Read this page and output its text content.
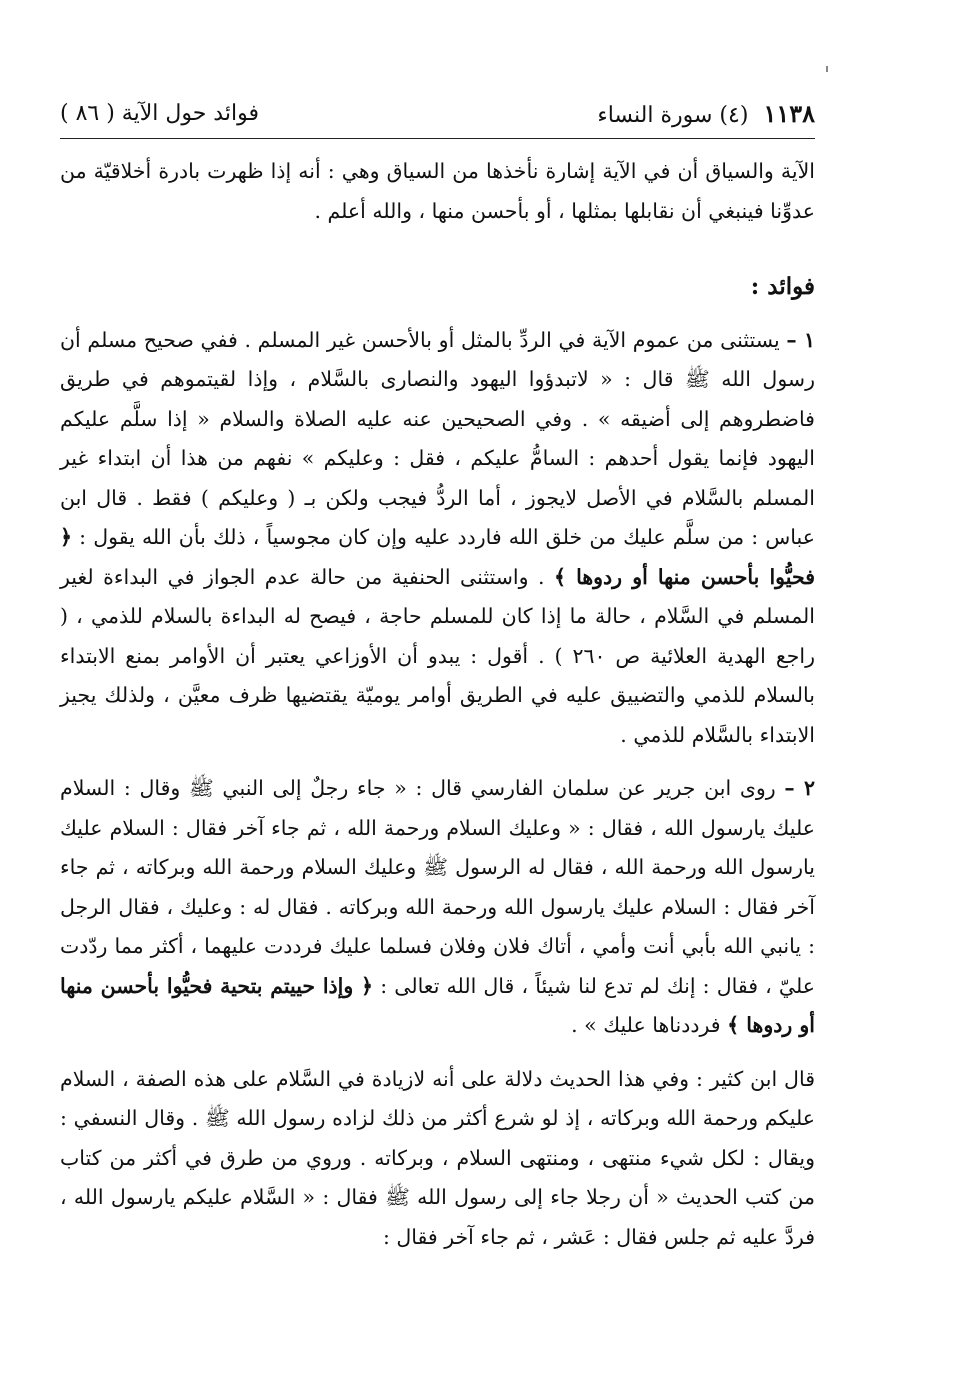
١١٣٨ (٤) سورة النساء
فوائد حول الآية ( ٨٦ )

الآية والسياق أن في الآية إشارة نأخذها من السياق وهي : أنه إذا ظهرت بادرة أخلاقيّة من عدوِّنا فينبغي أن نقابلها بمثلها ، أو بأحسن منها ، والله أعلم .

فوائد :

١ – يستثنى من عموم الآية في الردِّ بالمثل أو بالأحسن غير المسلم . ففي صحيح مسلم أن رسول الله ﷺ قال : « لاتبدؤوا اليهود والنصارى بالسَّلام ، وإذا لقيتموهم في طريق فاضطروهم إلى أضيقه » . وفي الصحيحين عنه عليه الصلاة والسلام « إذا سلَّم عليكم اليهود فإنما يقول أحدهم : السامُّ عليكم ، فقل : وعليكم » نفهم من هذا أن ابتداء غير المسلم بالسَّلام في الأصل لايجوز ، أما الردُّ فيجب ولكن بـ ( وعليكم ) فقط . قال ابن عباس : من سلَّم عليك من خلق الله فاردد عليه وإن كان مجوسياً ، ذلك بأن الله يقول : ﴿ فحيُّوا بأحسن منها أو ردوها ﴾ . واستثنى الحنفية من حالة عدم الجواز في البداءة لغير المسلم في السَّلام ، حالة ما إذا كان للمسلم حاجة ، فيصح له البداءة بالسلام للذمي ، ( راجع الهدية العلائية ص ٢٦٠ ) . أقول : يبدو أن الأوزاعي يعتبر أن الأوامر بمنع الابتداء بالسلام للذمي والتضييق عليه في الطريق أوامر يوميّة يقتضيها ظرف معيَّن ، ولذلك يجيز الابتداء بالسَّلام للذمي .

٢ – روى ابن جرير عن سلمان الفارسي قال : « جاء رجلٌ إلى النبي ﷺ وقال : السلام عليك يارسول الله ، فقال : « وعليك السلام ورحمة الله ، ثم جاء آخر فقال : السلام عليك يارسول الله ورحمة الله ، فقال له الرسول ﷺ وعليك السلام ورحمة الله وبركاته ، ثم جاء آخر فقال : السلام عليك يارسول الله ورحمة الله وبركاته . فقال له : وعليك ، فقال الرجل : يانبي الله بأبي أنت وأمي ، أتاك فلان وفلان فسلما عليك فرددت عليهما ، أكثر مما ردّدت عليّ ، فقال : إنك لم تدع لنا شيئاً ، قال الله تعالى : ﴿ وإذا حييتم بتحية فحيُّوا بأحسن منها أو ردوها ﴾ فرددناها عليك » .

قال ابن كثير : وفي هذا الحديث دلالة على أنه لازيادة في السَّلام على هذه الصفة ، السلام عليكم ورحمة الله وبركاته ، إذ لو شرع أكثر من ذلك لزاده رسول الله ﷺ . وقال النسفي : ويقال : لكل شيء منتهى ، ومنتهى السلام ، وبركاته . وروي من طرق في أكثر من كتاب من كتب الحديث « أن رجلا جاء إلى رسول الله ﷺ فقال : « السَّلام عليكم يارسول الله ، فردَّ عليه ثم جلس فقال : عَشر ، ثم جاء آخر فقال :
